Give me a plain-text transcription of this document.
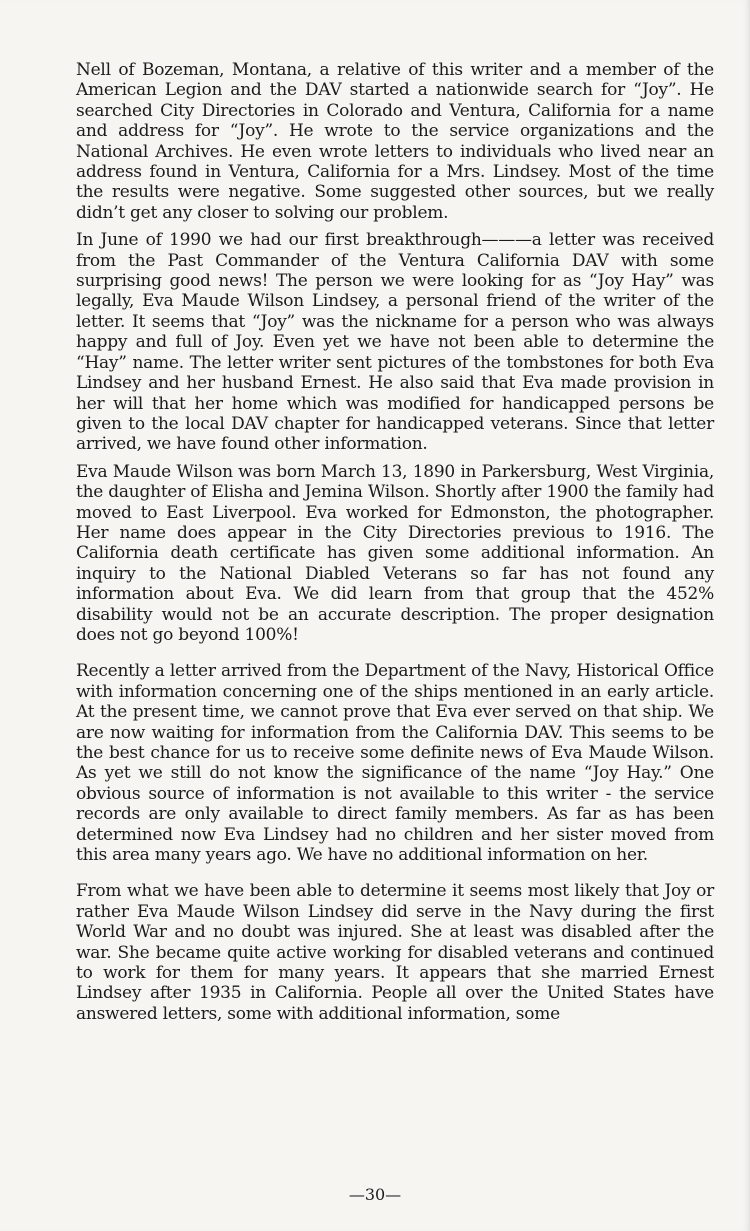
Nell of Bozeman, Montana, a relative of this writer and a member of the American Legion and the DAV started a nationwide search for “Joy”. He searched City Directories in Colorado and Ventura, California for a name and address for “Joy”. He wrote to the service organizations and the National Archives. He even wrote letters to individuals who lived near an address found in Ventura, California for a Mrs. Lindsey. Most of the time the results were negative. Some suggested other sources, but we really didn’t get any closer to solving our problem.

In June of 1990 we had our first breakthrough———a letter was received from the Past Commander of the Ventura California DAV with some surprising good news! The person we were looking for as “Joy Hay” was legally, Eva Maude Wilson Lindsey, a personal friend of the writer of the letter. It seems that “Joy” was the nickname for a person who was always happy and full of Joy. Even yet we have not been able to determine the “Hay” name. The letter writer sent pictures of the tombstones for both Eva Lindsey and her husband Ernest. He also said that Eva made provision in her will that her home which was modified for handicapped persons be given to the local DAV chapter for handicapped veterans. Since that letter arrived, we have found other information.

Eva Maude Wilson was born March 13, 1890 in Parkersburg, West Virginia, the daughter of Elisha and Jemina Wilson. Shortly after 1900 the family had moved to East Liverpool. Eva worked for Edmonston, the photographer. Her name does appear in the City Directories previous to 1916. The California death certificate has given some additional information. An inquiry to the National Diabled Veterans so far has not found any information about Eva. We did learn from that group that the 452% disability would not be an accurate description. The proper designation does not go beyond 100%!

Recently a letter arrived from the Department of the Navy, Historical Office with information concerning one of the ships mentioned in an early article. At the present time, we cannot prove that Eva ever served on that ship. We are now waiting for information from the California DAV. This seems to be the best chance for us to receive some definite news of Eva Maude Wilson. As yet we still do not know the significance of the name “Joy Hay.” One obvious source of information is not available to this writer - the service records are only available to direct family members. As far as has been determined now Eva Lindsey had no children and her sister moved from this area many years ago. We have no additional information on her.

From what we have been able to determine it seems most likely that Joy or rather Eva Maude Wilson Lindsey did serve in the Navy during the first World War and no doubt was injured. She at least was disabled after the war. She became quite active working for disabled veterans and continued to work for them for many years. It appears that she married Ernest Lindsey after 1935 in California. People all over the United States have answered letters, some with additional information, some

—30—
